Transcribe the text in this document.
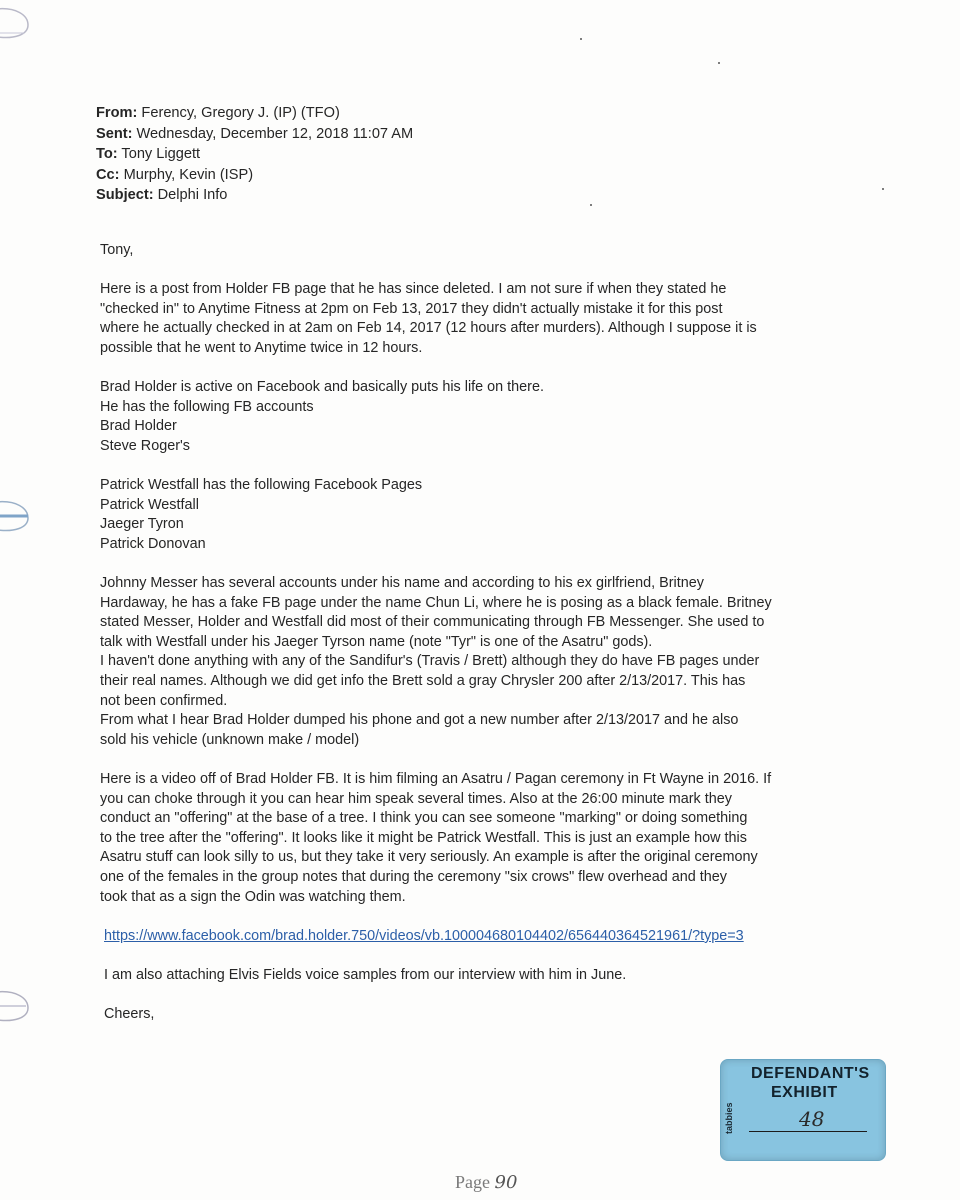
From: Ferency, Gregory J. (IP) (TFO)
Sent: Wednesday, December 12, 2018 11:07 AM
To: Tony Liggett
Cc: Murphy, Kevin (ISP)
Subject: Delphi Info
Tony,
Here is a post from Holder FB page that he has since deleted. I am not sure if when they stated he
"checked in" to Anytime Fitness at 2pm on Feb 13, 2017 they didn't actually mistake it for this post
where he actually checked in at 2am on Feb 14, 2017 (12 hours after murders). Although I suppose it is
possible that he went to Anytime twice in 12 hours.
Brad Holder is active on Facebook and basically puts his life on there.
He has the following FB accounts
Brad Holder
Steve Roger's
Patrick Westfall has the following Facebook Pages
Patrick Westfall
Jaeger Tyron
Patrick Donovan
Johnny Messer has several accounts under his name and according to his ex girlfriend, Britney
Hardaway, he has a fake FB page under the name Chun Li, where he is posing as a black female. Britney
stated Messer, Holder and Westfall did most of their communicating through FB Messenger. She used to
talk with Westfall under his Jaeger Tyrson name (note "Tyr" is one of the Asatru" gods).
I haven't done anything with any of the Sandifur's (Travis / Brett) although they do have FB pages under
their real names. Although we did get info the Brett sold a gray Chrysler 200 after 2/13/2017. This has
not been confirmed.
From what I hear Brad Holder dumped his phone and got a new number after 2/13/2017 and he also
sold his vehicle (unknown make / model)
Here is a video off of Brad Holder FB. It is him filming an Asatru / Pagan ceremony in Ft Wayne in 2016. If
you can choke through it you can hear him speak several times. Also at the 26:00 minute mark they
conduct an "offering" at the base of a tree. I think you can see someone "marking" or doing something
to the tree after the "offering". It looks like it might be Patrick Westfall. This is just an example how this
Asatru stuff can look silly to us, but they take it very seriously. An example is after the original ceremony
one of the females in the group notes that during the ceremony "six crows" flew overhead and they
took that as a sign the Odin was watching them.
https://www.facebook.com/brad.holder.750/videos/vb.100004680104402/656440364521961/?type=3
I am also attaching Elvis Fields voice samples from our interview with him in June.
Cheers,
tabbies
DEFENDANT'S
EXHIBIT
48
Page 90
